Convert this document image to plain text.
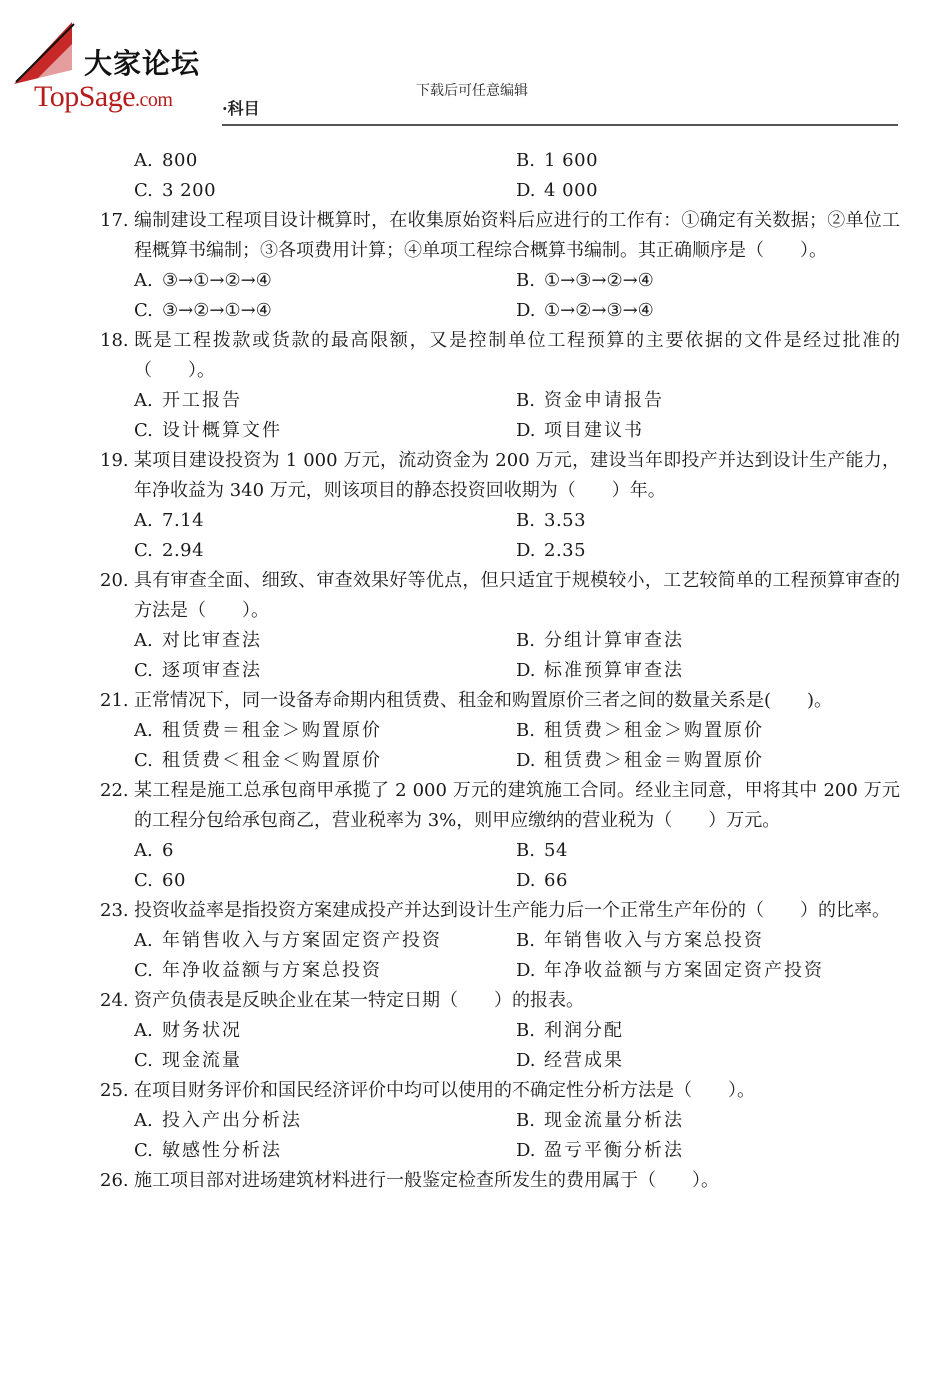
大家论坛
TopSage.com	·科目
下载后可任意编辑
A. 800	B. 1 600
C. 3 200	D. 4 000
17. 编制建设工程项目设计概算时，在收集原始资料后应进行的工作有：①确定有关数据；②单位工程概算书编制；③各项费用计算；④单项工程综合概算书编制。其正确顺序是（　　）。
A. ③→①→②→④	B. ①→③→②→④
C. ③→②→①→④	D. ①→②→③→④
18. 既是工程拨款或货款的最高限额，又是控制单位工程预算的主要依据的文件是经过批准的（　　）。
A. 开工报告	B. 资金申请报告
C. 设计概算文件	D. 项目建议书
19. 某项目建设投资为 1 000 万元，流动资金为 200 万元，建设当年即投产并达到设计生产能力，年净收益为 340 万元，则该项目的静态投资回收期为（　　）年。
A. 7.14	B. 3.53
C. 2.94	D. 2.35
20. 具有审查全面、细致、审查效果好等优点，但只适宜于规模较小，工艺较简单的工程预算审查的方法是（　　）。
A. 对比审查法	B. 分组计算审查法
C. 逐项审查法	D. 标准预算审查法
21. 正常情况下，同一设备寿命期内租赁费、租金和购置原价三者之间的数量关系是(　　)。
A. 租赁费＝租金＞购置原价	B. 租赁费＞租金＞购置原价
C. 租赁费＜租金＜购置原价	D. 租赁费＞租金＝购置原价
22. 某工程是施工总承包商甲承揽了 2 000 万元的建筑施工合同。经业主同意，甲将其中 200 万元的工程分包给承包商乙，营业税率为 3%，则甲应缴纳的营业税为（　　）万元。
A. 6	B. 54
C. 60	D. 66
23. 投资收益率是指投资方案建成投产并达到设计生产能力后一个正常生产年份的（　　）的比率。
A. 年销售收入与方案固定资产投资	B. 年销售收入与方案总投资
C. 年净收益额与方案总投资	D. 年净收益额与方案固定资产投资
24. 资产负债表是反映企业在某一特定日期（　　）的报表。
A. 财务状况	B. 利润分配
C. 现金流量	D. 经营成果
25. 在项目财务评价和国民经济评价中均可以使用的不确定性分析方法是（　　）。
A. 投入产出分析法	B. 现金流量分析法
C. 敏感性分析法	D. 盈亏平衡分析法
26. 施工项目部对进场建筑材料进行一般鉴定检查所发生的费用属于（　　）。
